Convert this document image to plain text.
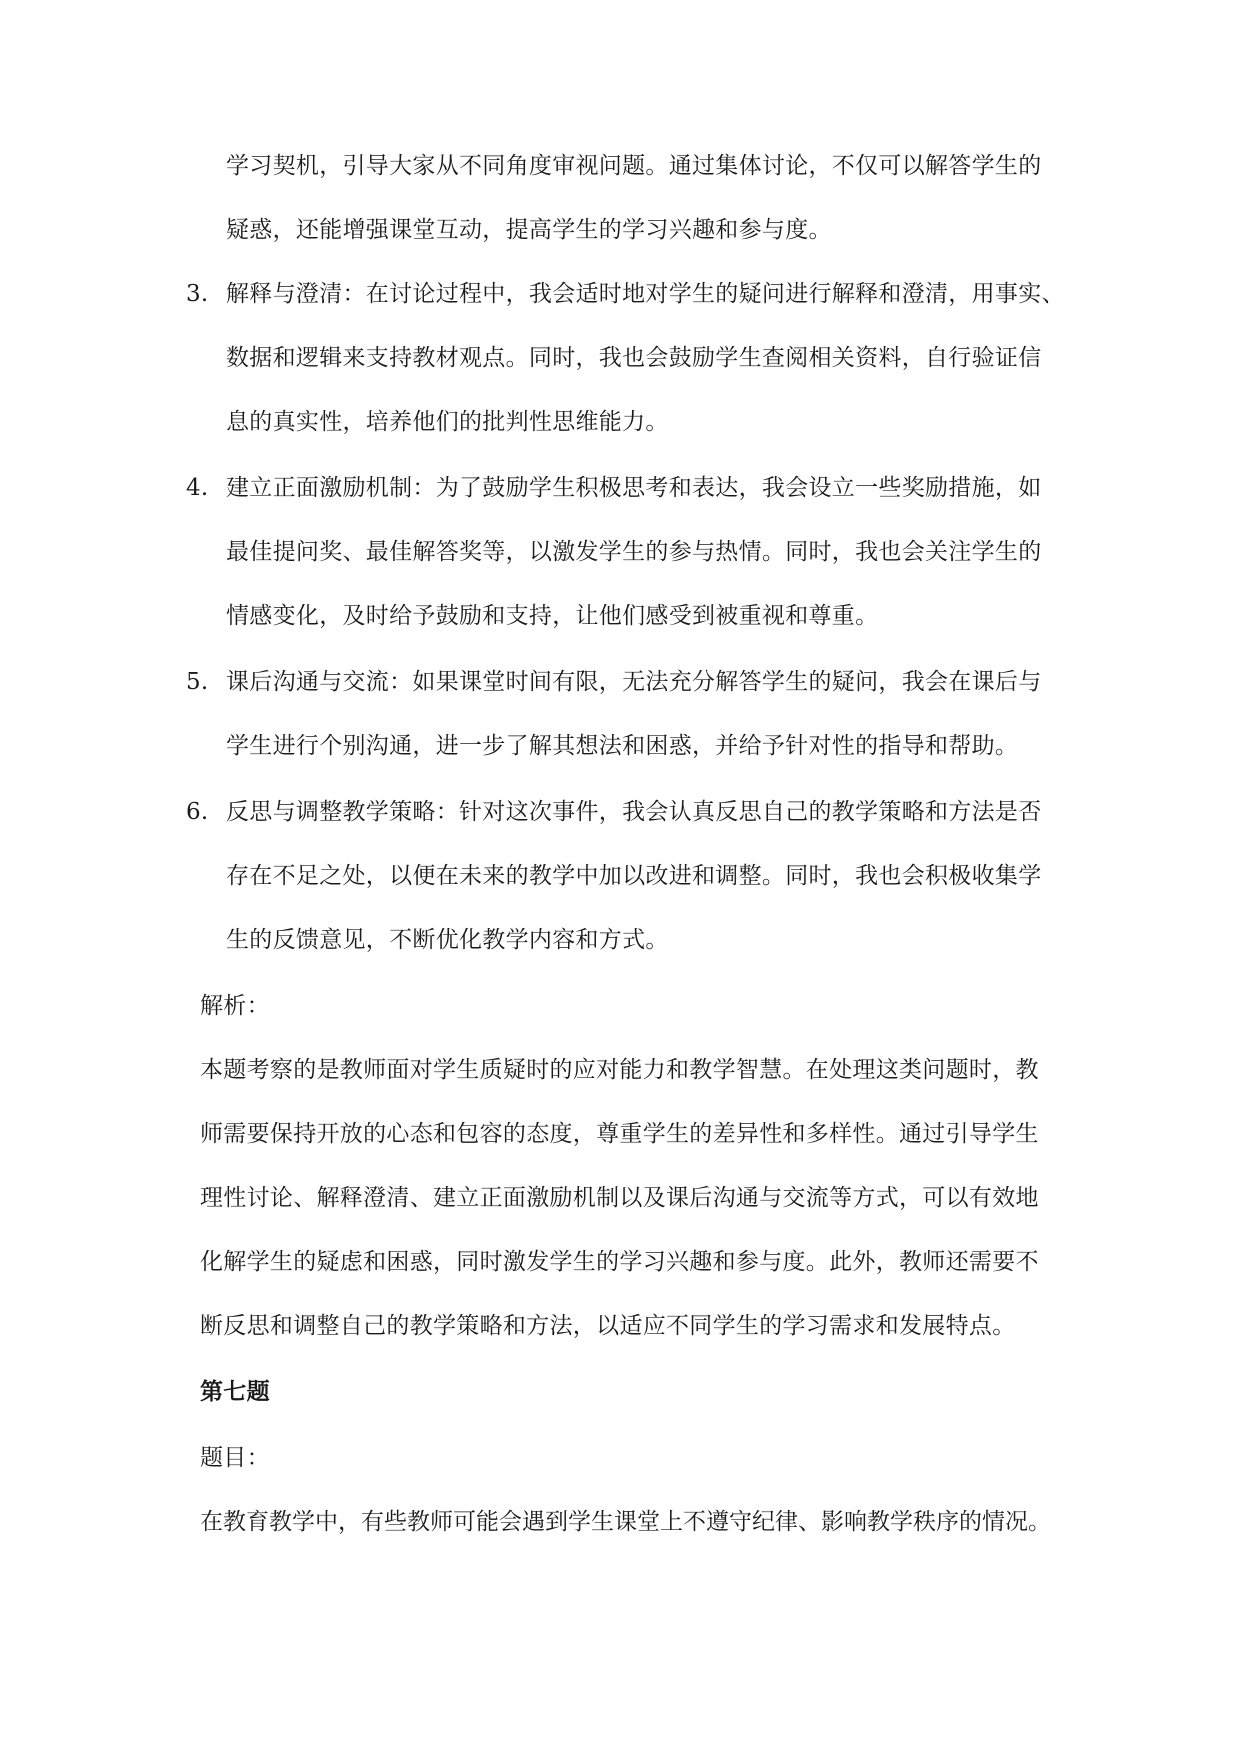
学习契机，引导大家从不同角度审视问题。通过集体讨论，不仅可以解答学生的
疑惑，还能增强课堂互动，提高学生的学习兴趣和参与度。
3. 解释与澄清：在讨论过程中，我会适时地对学生的疑问进行解释和澄清，用事实、
数据和逻辑来支持教材观点。同时，我也会鼓励学生查阅相关资料，自行验证信
息的真实性，培养他们的批判性思维能力。
4. 建立正面激励机制：为了鼓励学生积极思考和表达，我会设立一些奖励措施，如
最佳提问奖、最佳解答奖等，以激发学生的参与热情。同时，我也会关注学生的
情感变化，及时给予鼓励和支持，让他们感受到被重视和尊重。
5. 课后沟通与交流：如果课堂时间有限，无法充分解答学生的疑问，我会在课后与
学生进行个别沟通，进一步了解其想法和困惑，并给予针对性的指导和帮助。
6. 反思与调整教学策略：针对这次事件，我会认真反思自己的教学策略和方法是否
存在不足之处，以便在未来的教学中加以改进和调整。同时，我也会积极收集学
生的反馈意见，不断优化教学内容和方式。
解析：
本题考察的是教师面对学生质疑时的应对能力和教学智慧。在处理这类问题时，教
师需要保持开放的心态和包容的态度，尊重学生的差异性和多样性。通过引导学生
理性讨论、解释澄清、建立正面激励机制以及课后沟通与交流等方式，可以有效地
化解学生的疑虑和困惑，同时激发学生的学习兴趣和参与度。此外，教师还需要不
断反思和调整自己的教学策略和方法，以适应不同学生的学习需求和发展特点。
第七题
题目：
在教育教学中，有些教师可能会遇到学生课堂上不遵守纪律、影响教学秩序的情况。
